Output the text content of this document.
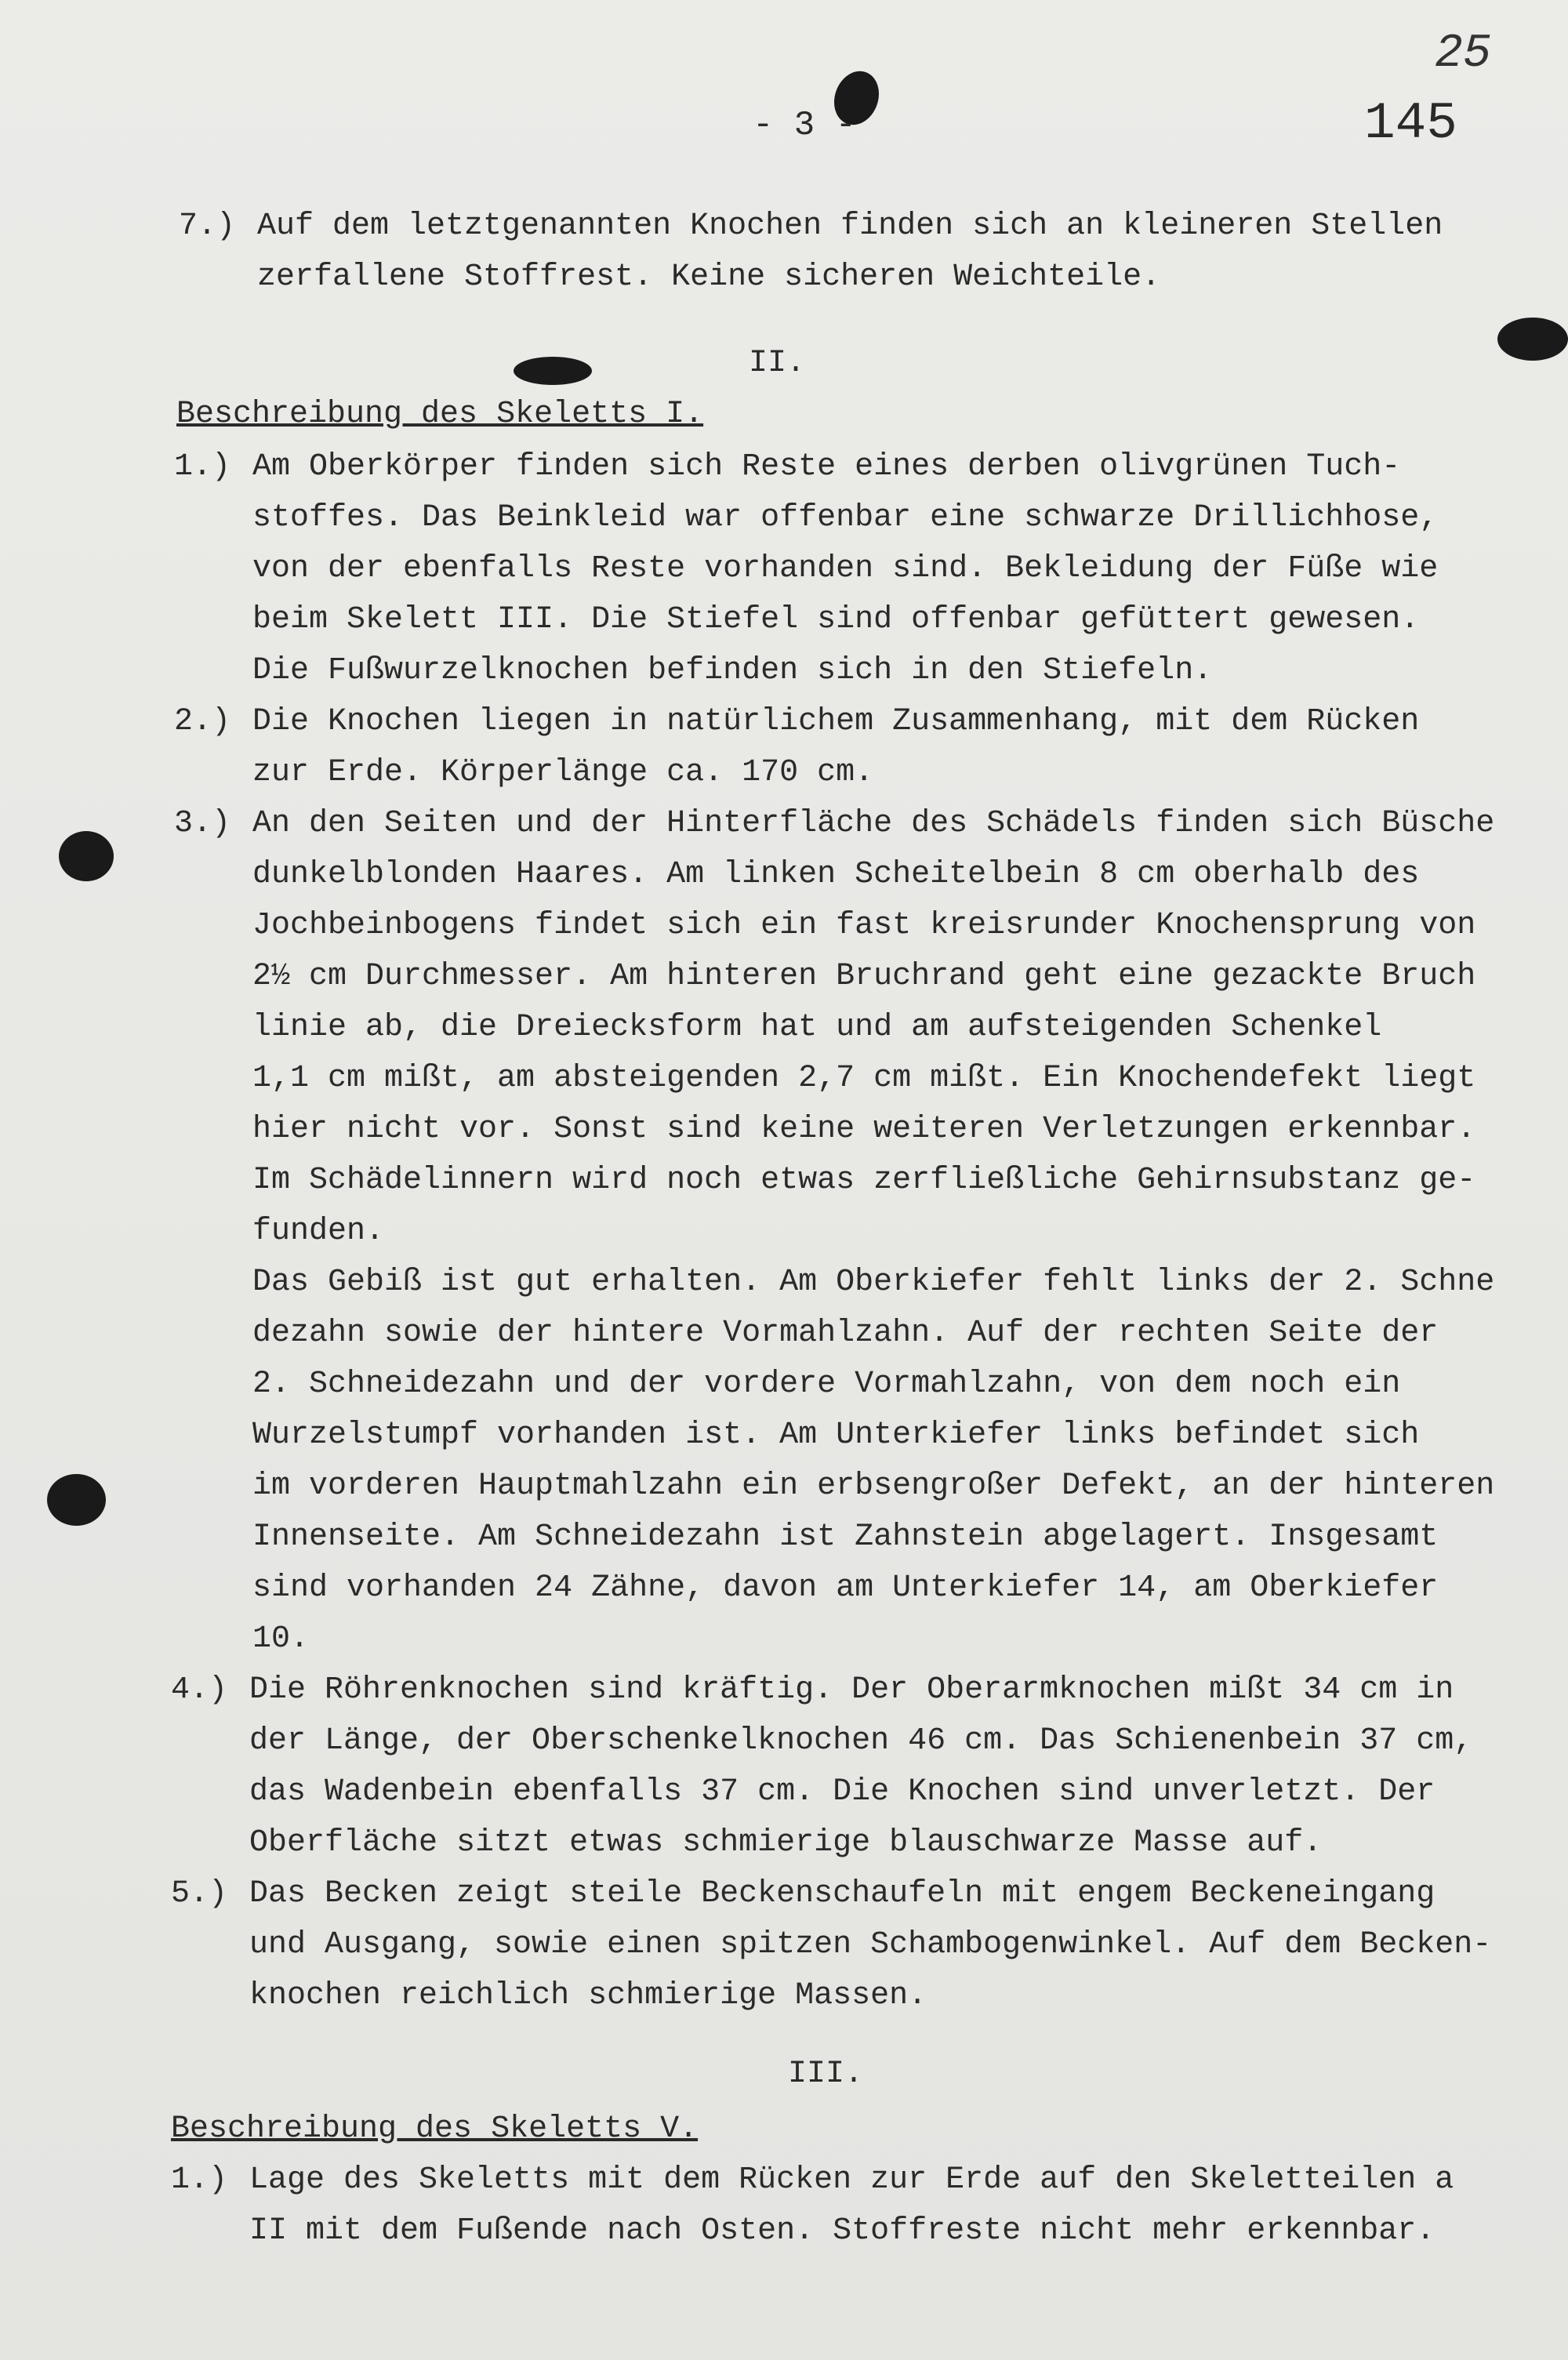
- 3 -
25
145
7.) Auf dem letztgenannten Knochen finden sich an kleineren Stellen
zerfallene Stoffrest. Keine sicheren Weichteile.
II.
Beschreibung des Skeletts I.
1.) Am Oberkörper finden sich Reste eines derben olivgrünen Tuch-
stoffes. Das Beinkleid war offenbar eine schwarze Drillichhose,
von der ebenfalls Reste vorhanden sind. Bekleidung der Füße wie
beim Skelett III. Die Stiefel sind offenbar gefüttert gewesen.
Die Fußwurzelknochen befinden sich in den Stiefeln.
2.) Die Knochen liegen in natürlichem Zusammenhang, mit dem Rücken
zur Erde. Körperlänge ca. 170 cm.
3.) An den Seiten und der Hinterfläche des Schädels finden sich Büsche
dunkelblonden Haares. Am linken Scheitelbein 8 cm oberhalb des
Jochbeinbogens findet sich ein fast kreisrunder Knochensprung von
2½ cm Durchmesser. Am hinteren Bruchrand geht eine gezackte Bruch
linie ab, die Dreiecksform hat und am aufsteigenden Schenkel
1,1 cm mißt, am absteigenden 2,7 cm mißt. Ein Knochendefekt liegt
hier nicht vor. Sonst sind keine weiteren Verletzungen erkennbar.
Im Schädelinnern wird noch etwas zerfließliche Gehirnsubstanz ge-
funden.
Das Gebiß ist gut erhalten. Am Oberkiefer fehlt links der 2. Schne
dezahn sowie der hintere Vormahlzahn. Auf der rechten Seite der
2. Schneidezahn und der vordere Vormahlzahn, von dem noch ein
Wurzelstumpf vorhanden ist. Am Unterkiefer links befindet sich
im vorderen Hauptmahlzahn ein erbsengroßer Defekt, an der hinteren
Innenseite. Am Schneidezahn ist Zahnstein abgelagert. Insgesamt
sind vorhanden 24 Zähne, davon am Unterkiefer 14, am Oberkiefer
10.
4.) Die Röhrenknochen sind kräftig. Der Oberarmknochen mißt 34 cm in
der Länge, der Oberschenkelknochen 46 cm. Das Schienenbein 37 cm,
das Wadenbein ebenfalls 37 cm. Die Knochen sind unverletzt. Der
Oberfläche sitzt etwas schmierige blauschwarze Masse auf.
5.) Das Becken zeigt steile Beckenschaufeln mit engem Beckeneingang
und Ausgang, sowie einen spitzen Schambogenwinkel. Auf dem Becken-
knochen reichlich schmierige Massen.
III.
Beschreibung des Skeletts V.
1.) Lage des Skeletts mit dem Rücken zur Erde auf den Skeletteilen a
II mit dem Fußende nach Osten. Stoffreste nicht mehr erkennbar.
